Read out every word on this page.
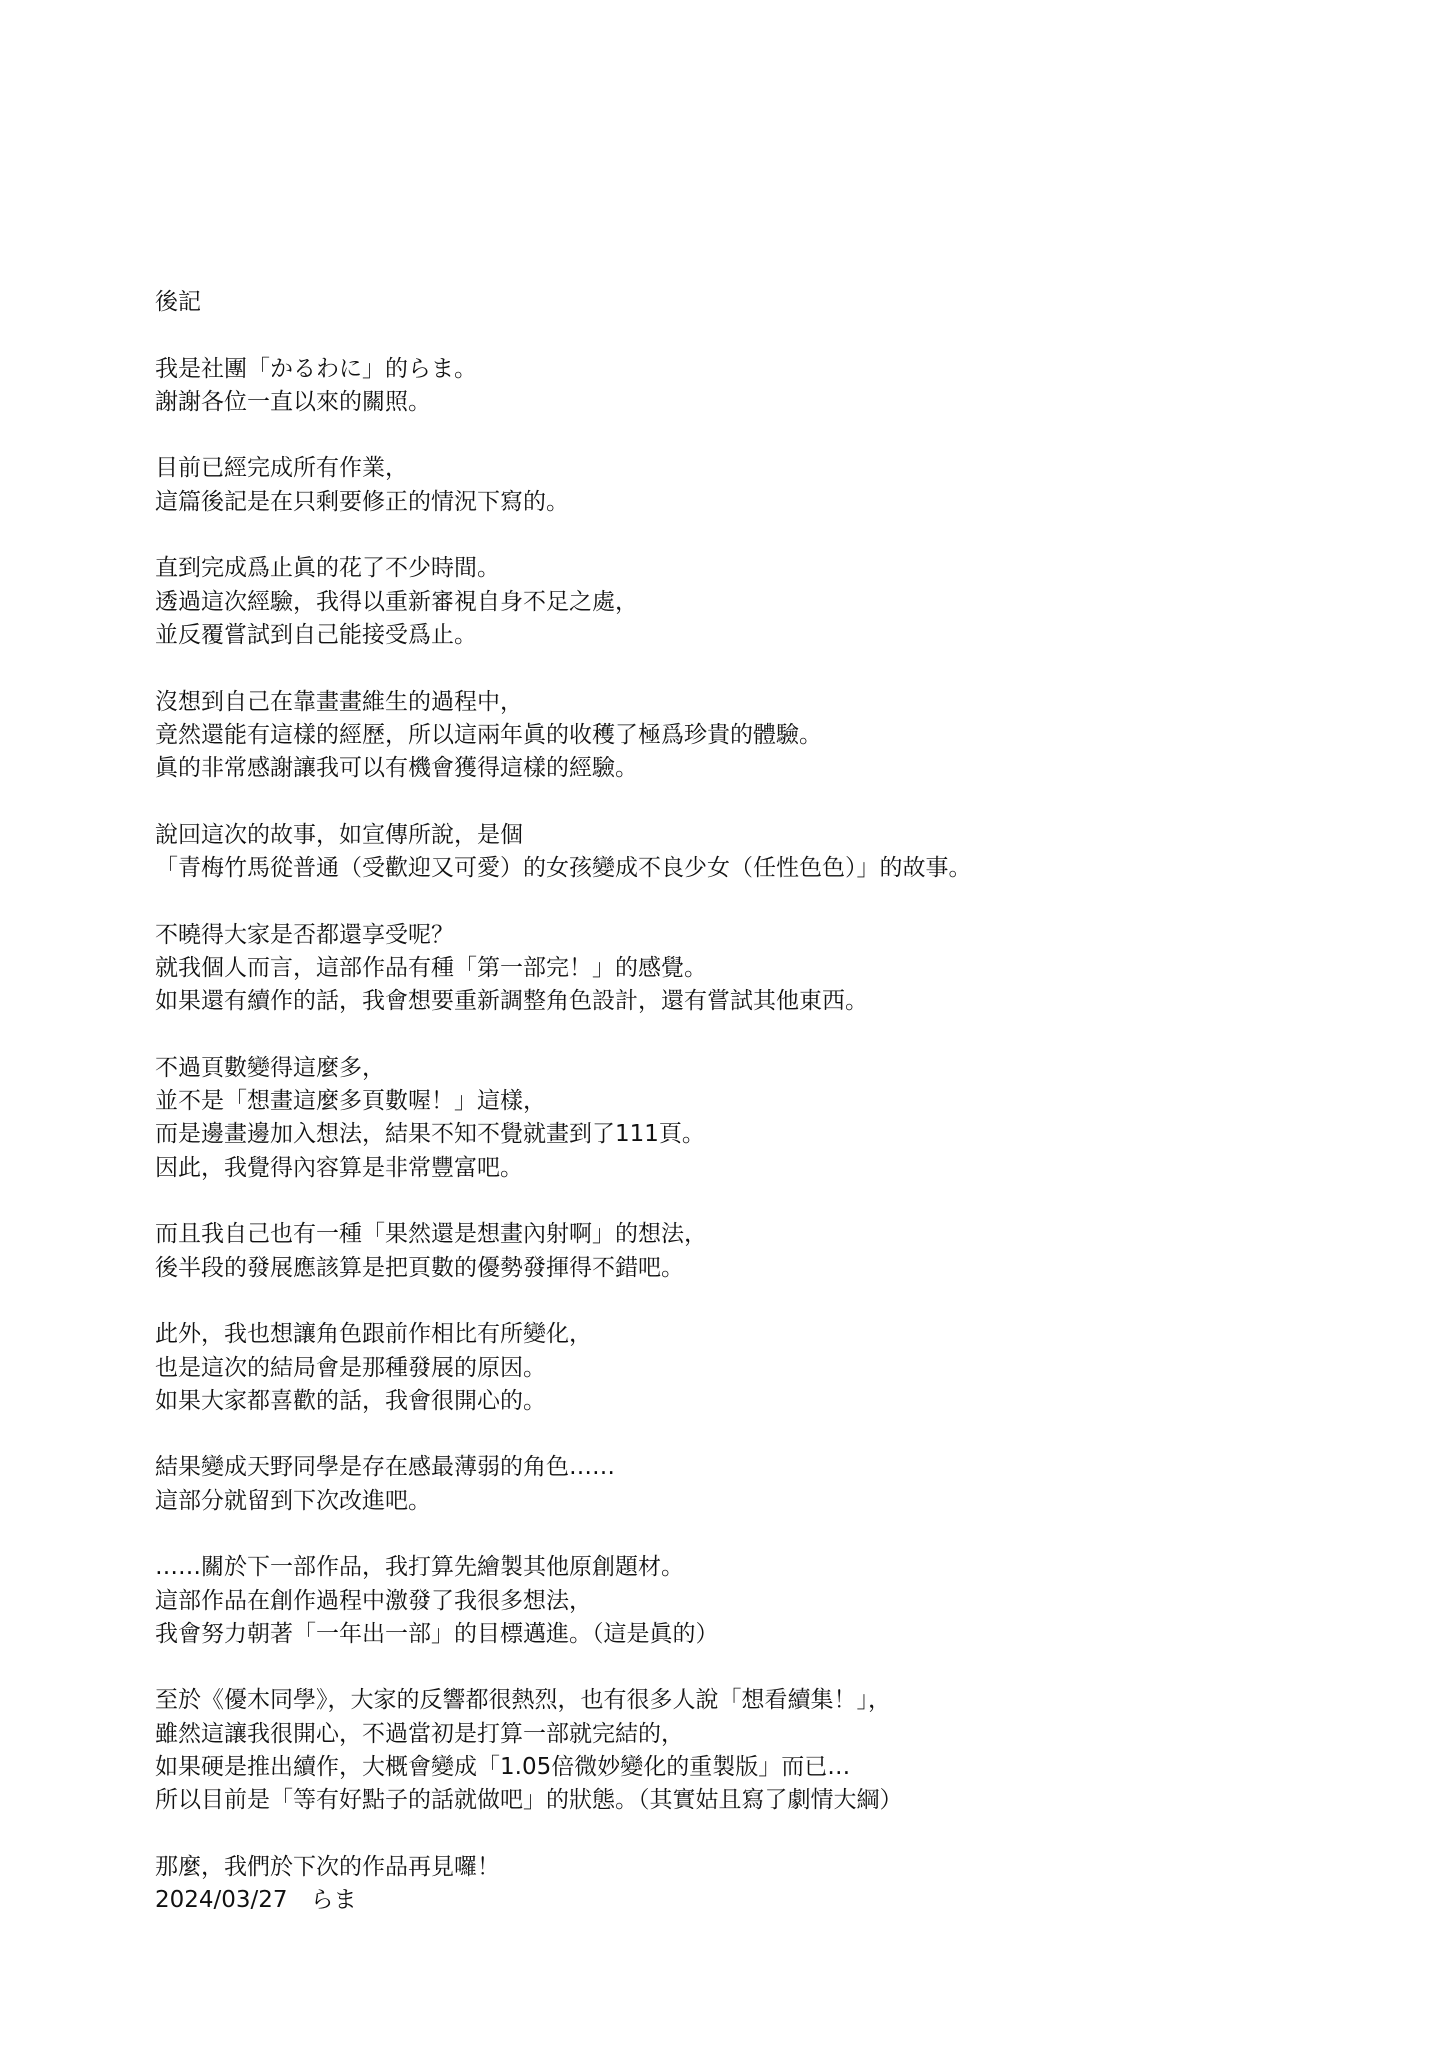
後記

我是社團「かるわに」的らま。
謝謝各位一直以來的關照。

目前已經完成所有作業，
這篇後記是在只剩要修正的情況下寫的。

直到完成爲止眞的花了不少時間。
透過這次經驗，我得以重新審視自身不足之處，
並反覆嘗試到自己能接受爲止。

沒想到自己在靠畫畫維生的過程中，
竟然還能有這樣的經歷，所以這兩年眞的收穫了極爲珍貴的體驗。
眞的非常感謝讓我可以有機會獲得這樣的經驗。

說回這次的故事，如宣傳所說，是個
「青梅竹馬從普通（受歡迎又可愛）的女孩變成不良少女（任性色色）」的故事。

不曉得大家是否都還享受呢？
就我個人而言，這部作品有種「第一部完！」的感覺。
如果還有續作的話，我會想要重新調整角色設計，還有嘗試其他東西。

不過頁數變得這麼多，
並不是「想畫這麼多頁數喔！」這樣，
而是邊畫邊加入想法，結果不知不覺就畫到了111頁。
因此，我覺得內容算是非常豐富吧。

而且我自己也有一種「果然還是想畫內射啊」的想法，
後半段的發展應該算是把頁數的優勢發揮得不錯吧。

此外，我也想讓角色跟前作相比有所變化，
也是這次的結局會是那種發展的原因。
如果大家都喜歡的話，我會很開心的。

結果變成天野同學是存在感最薄弱的角色……
這部分就留到下次改進吧。

……關於下一部作品，我打算先繪製其他原創題材。
這部作品在創作過程中激發了我很多想法，
我會努力朝著「一年出一部」的目標邁進。（這是眞的）

至於《優木同學》，大家的反響都很熱烈，也有很多人說「想看續集！」，
雖然這讓我很開心，不過當初是打算一部就完結的，
如果硬是推出續作，大概會變成「1.05倍微妙變化的重製版」而已…
所以目前是「等有好點子的話就做吧」的狀態。（其實姑且寫了劇情大綱）

那麼，我們於下次的作品再見囉！
2024/03/27　らま
